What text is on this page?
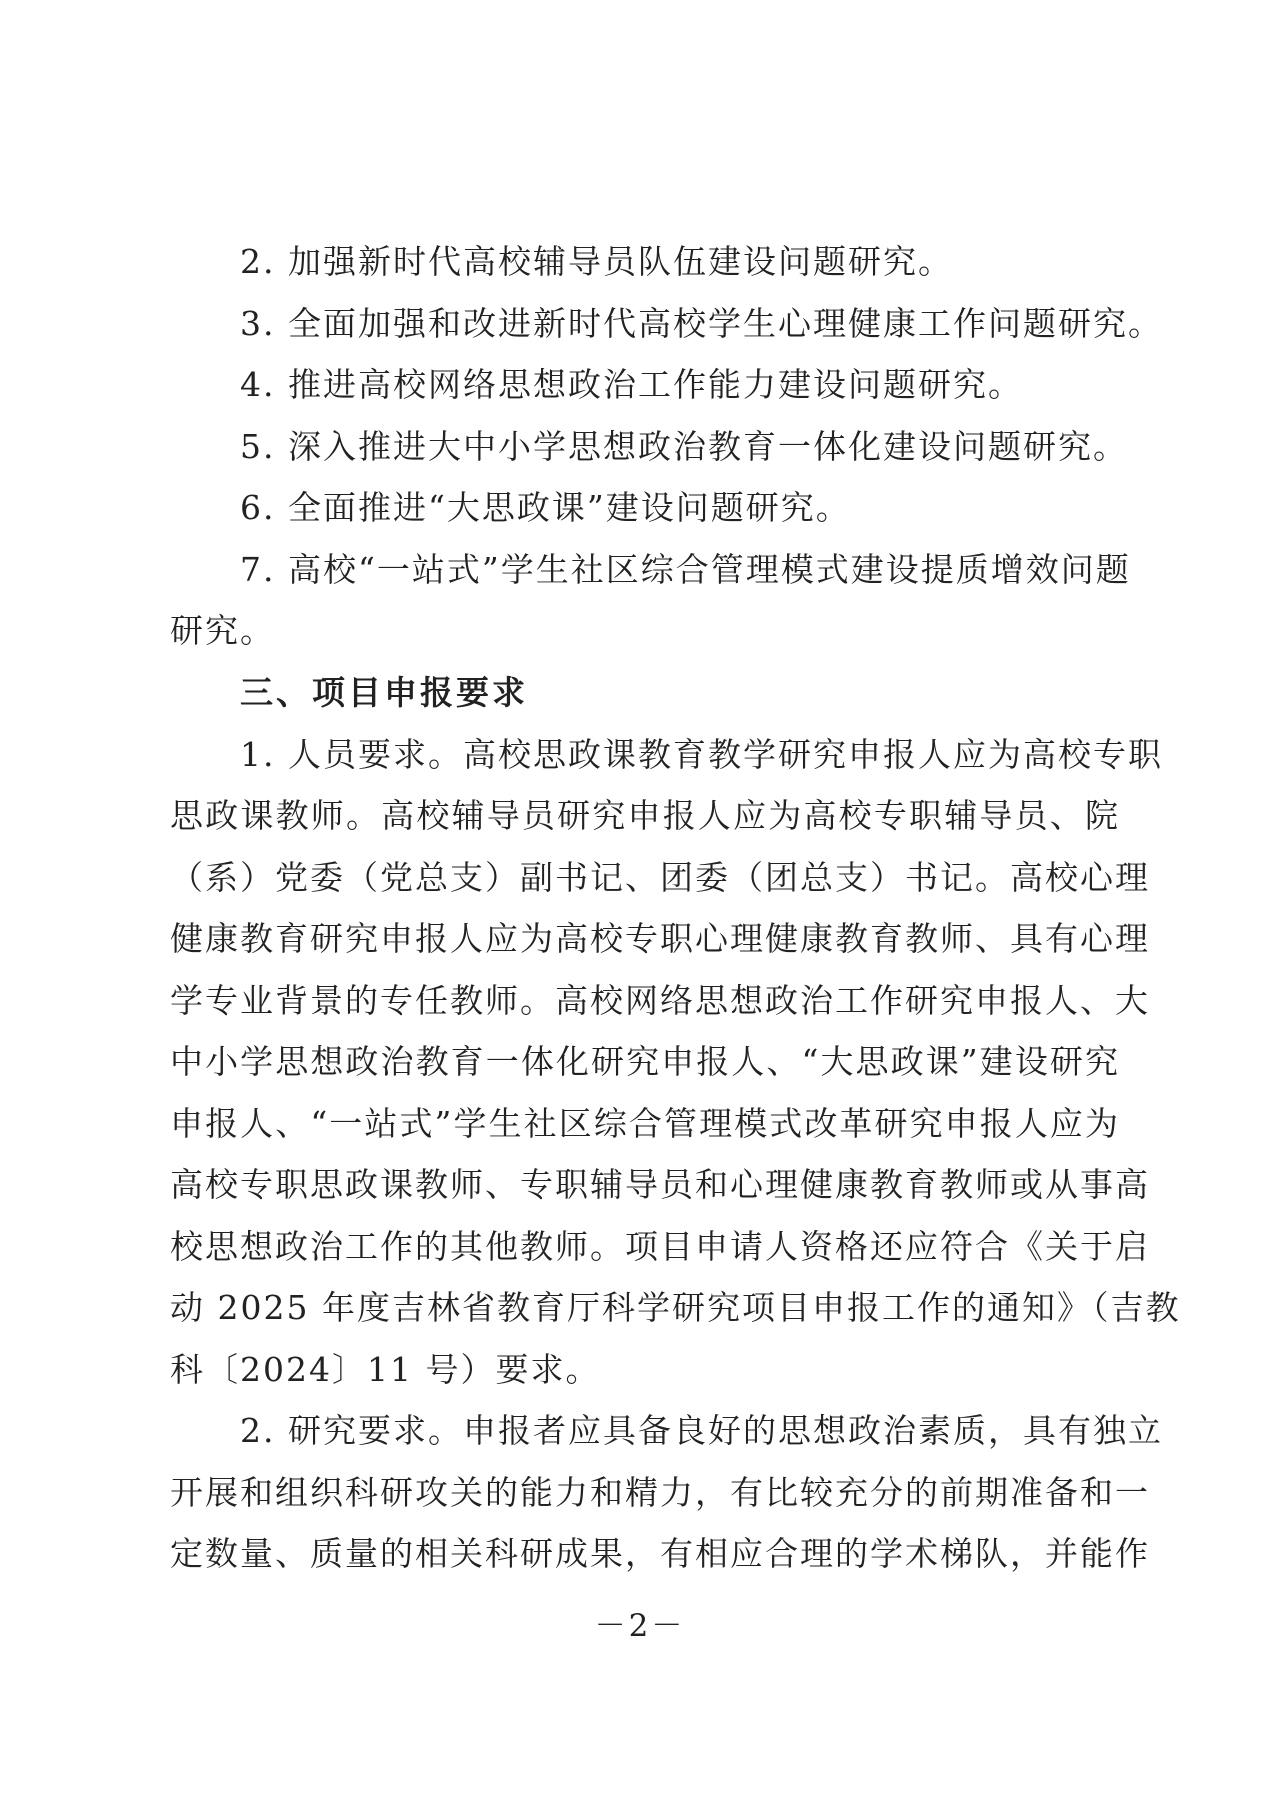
2. 加强新时代高校辅导员队伍建设问题研究。
3. 全面加强和改进新时代高校学生心理健康工作问题研究。
4. 推进高校网络思想政治工作能力建设问题研究。
5. 深入推进大中小学思想政治教育一体化建设问题研究。
6. 全面推进“大思政课”建设问题研究。
7. 高校“一站式”学生社区综合管理模式建设提质增效问题
研究。
三、项目申报要求
1. 人员要求。高校思政课教育教学研究申报人应为高校专职
思政课教师。高校辅导员研究申报人应为高校专职辅导员、院
（系）党委（党总支）副书记、团委（团总支）书记。高校心理
健康教育研究申报人应为高校专职心理健康教育教师、具有心理
学专业背景的专任教师。高校网络思想政治工作研究申报人、大
中小学思想政治教育一体化研究申报人、“大思政课”建设研究
申报人、“一站式”学生社区综合管理模式改革研究申报人应为
高校专职思政课教师、专职辅导员和心理健康教育教师或从事高
校思想政治工作的其他教师。项目申请人资格还应符合《关于启
动 2025 年度吉林省教育厅科学研究项目申报工作的通知》（吉教
科〔2024〕11 号）要求。
2. 研究要求。申报者应具备良好的思想政治素质，具有独立
开展和组织科研攻关的能力和精力，有比较充分的前期准备和一
定数量、质量的相关科研成果，有相应合理的学术梯队，并能作
－2－
